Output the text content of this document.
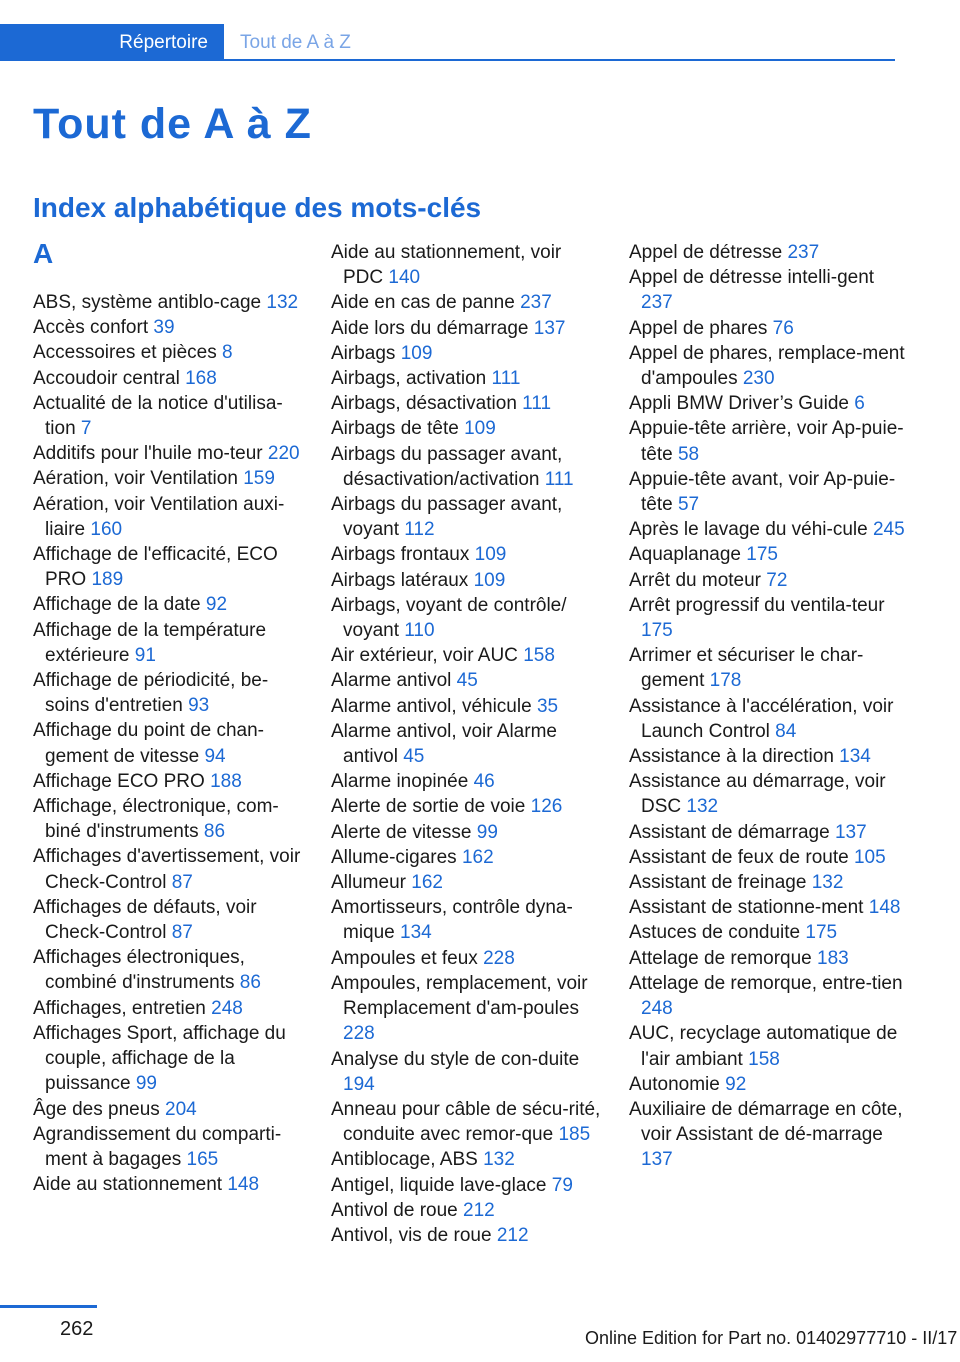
Répertoire	Tout de A à Z
Tout de A à Z
Index alphabétique des mots-clés
A
ABS, système antiblo-cage 132
Accès confort 39
Accessoires et pièces 8
Accoudoir central 168
Actualité de la notice d'utilisa-tion 7
Additifs pour l'huile mo-teur 220
Aération, voir Ventilation 159
Aération, voir Ventilation auxi-liaire 160
Affichage de l'efficacité, ECO PRO 189
Affichage de la date 92
Affichage de la température extérieure 91
Affichage de périodicité, be-soins d'entretien 93
Affichage du point de chan-gement de vitesse 94
Affichage ECO PRO 188
Affichage, électronique, com-biné d'instruments 86
Affichages d'avertissement, voir Check-Control 87
Affichages de défauts, voir Check-Control 87
Affichages électroniques, combiné d'instruments 86
Affichages, entretien 248
Affichages Sport, affichage du couple, affichage de la puissance 99
Âge des pneus 204
Agrandissement du comparti-ment à bagages 165
Aide au stationnement 148
Aide au stationnement, voir PDC 140
Aide en cas de panne 237
Aide lors du démarrage 137
Airbags 109
Airbags, activation 111
Airbags, désactivation 111
Airbags de tête 109
Airbags du passager avant, désactivation/activation 111
Airbags du passager avant, voyant 112
Airbags frontaux 109
Airbags latéraux 109
Airbags, voyant de contrôle/ voyant 110
Air extérieur, voir AUC 158
Alarme antivol 45
Alarme antivol, véhicule 35
Alarme antivol, voir Alarme antivol 45
Alarme inopinée 46
Alerte de sortie de voie 126
Alerte de vitesse 99
Allume-cigares 162
Allumeur 162
Amortisseurs, contrôle dyna-mique 134
Ampoules et feux 228
Ampoules, remplacement, voir Remplacement d'am-poules 228
Analyse du style de con-duite 194
Anneau pour câble de sécu-rité, conduite avec remor-que 185
Antiblocage, ABS 132
Antigel, liquide lave-glace 79
Antivol de roue 212
Antivol, vis de roue 212
Appel de détresse 237
Appel de détresse intelli-gent 237
Appel de phares 76
Appel de phares, remplace-ment d'ampoules 230
Appli BMW Driver’s Guide 6
Appuie-tête arrière, voir Ap-puie-tête 58
Appuie-tête avant, voir Ap-puie-tête 57
Après le lavage du véhi-cule 245
Aquaplanage 175
Arrêt du moteur 72
Arrêt progressif du ventila-teur 175
Arrimer et sécuriser le char-gement 178
Assistance à l'accélération, voir Launch Control 84
Assistance à la direction 134
Assistance au démarrage, voir DSC 132
Assistant de démarrage 137
Assistant de feux de route 105
Assistant de freinage 132
Assistant de stationne-ment 148
Astuces de conduite 175
Attelage de remorque 183
Attelage de remorque, entre-tien 248
AUC, recyclage automatique de l'air ambiant 158
Autonomie 92
Auxiliaire de démarrage en côte, voir Assistant de dé-marrage 137
262	Online Edition for Part no. 01402977710 - II/17
